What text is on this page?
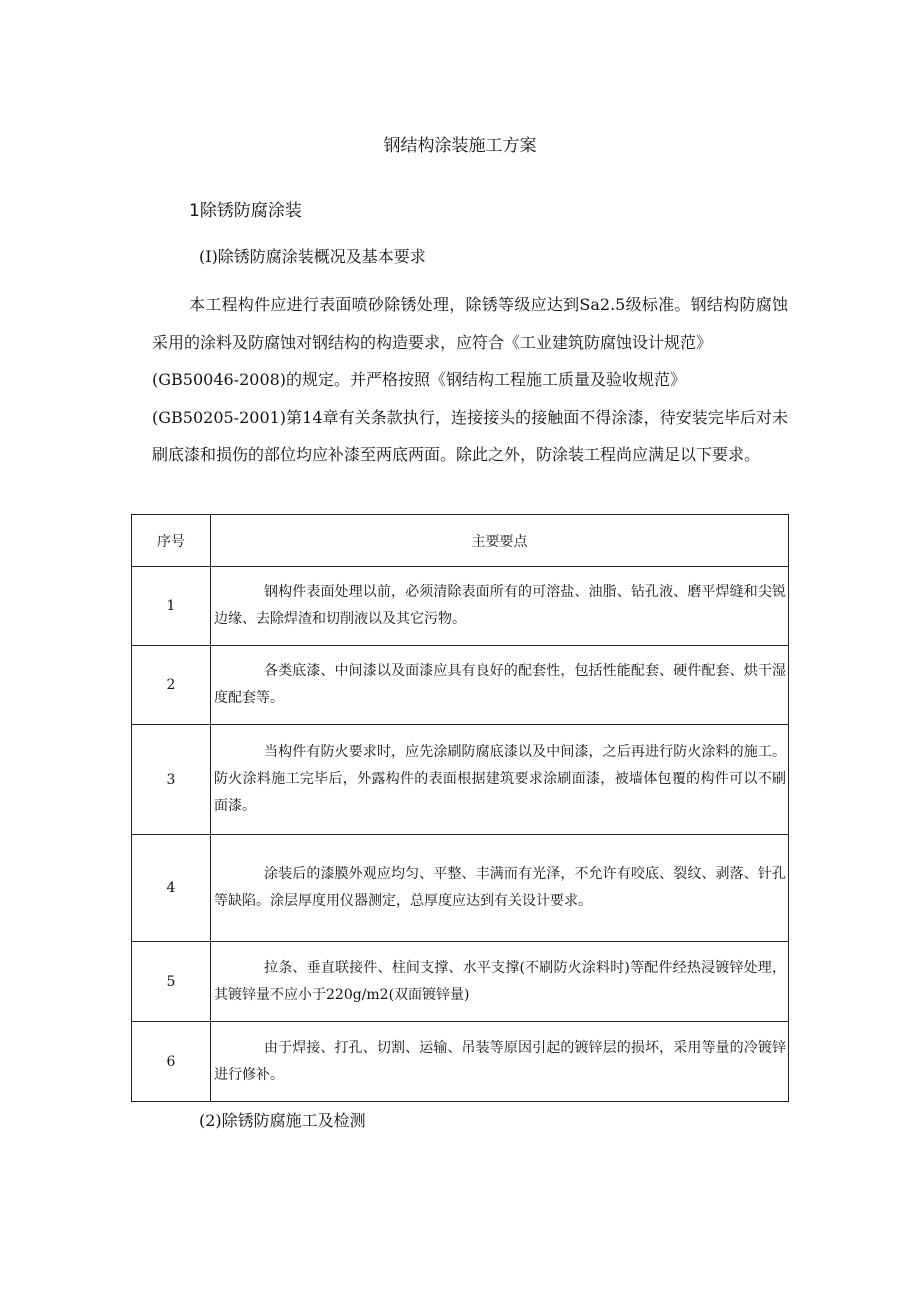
钢结构涂装施工方案
1除锈防腐涂装
(I)除锈防腐涂装概况及基本要求

本工程构件应进行表面喷砂除锈处理，除锈等级应达到Sa2.5级标准。钢结构防腐蚀采用的涂料及防腐蚀对钢结构的构造要求，应符合《工业建筑防腐蚀设计规范》

(GB50046-2008)的规定。并严格按照《钢结构工程施工质量及验收规范》

(GB50205-2001)第14章有关条款执行，连接接头的接触面不得涂漆，待安装完毕后对未刷底漆和损伤的部位均应补漆至两底两面。除此之外，防涂装工程尚应满足以下要求。

序号	主要要点
1	钢构件表面处理以前，必须清除表面所有的可溶盐、油脂、钻孔液、磨平焊缝和尖锐边缘、去除焊渣和切削液以及其它污物。

2	各类底漆、中间漆以及面漆应具有良好的配套性，包括性能配套、硬件配套、烘干湿度配套等。

3	当构件有防火要求时，应先涂刷防腐底漆以及中间漆，之后再进行防火涂料的施工。防火涂料施工完毕后，外露构件的表面根据建筑要求涂刷面漆，被墙体包覆的构件可以不刷面漆。

4	涂装后的漆膜外观应均匀、平整、丰满而有光泽，不允许有咬底、裂纹、剥落、针孔等缺陷。涂层厚度用仪器测定，总厚度应达到有关设计要求。

5	拉条、垂直联接件、柱间支撑、水平支撑(不刷防火涂料时)等配件经热浸镀锌处理，其镀锌量不应小于220g∕m2(双面镀锌量)

6	由于焊接、打孔、切割、运输、吊装等原因引起的镀锌层的损坏，采用等量的冷镀锌进行修补。
(2)除锈防腐施工及检测
